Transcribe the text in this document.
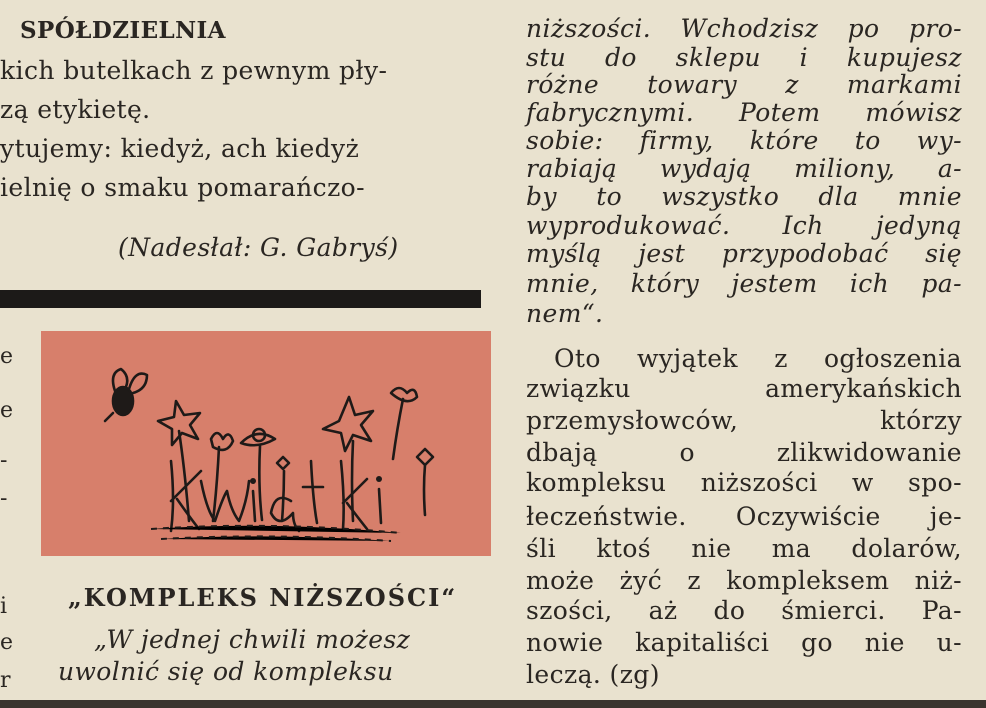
SPÓŁDZIELNIA
kich butelkach z pewnym pły-
zą etykietę.
ytujemy: kiedyż, ach kiedyż
ielnię o smaku pomarańczo-
(Nadesłał: G. Gabryś)
e
e
-
-
i
e
r
„KOMPLEKS NIŻSZOŚCI“
„W jednej chwili możesz
uwolnić się od kompleksu
niższości. Wchodzisz po pro-
stu do sklepu i kupujesz
różne towary z markami
fabrycznymi. Potem mówisz
sobie: firmy, które to wy-
rabiają wydają miliony, a-
by to wszystko dla mnie
wyprodukować. Ich jedyną
myślą jest przypodobać się
mnie, który jestem ich pa-
nem“.
Oto wyjątek z ogłoszenia
związku	amerykańskich
przemysłowców,	którzy
dbają	o	zlikwidowanie
kompleksu niższości w spo-
łeczeństwie. Oczywiście je-
śli ktoś nie ma dolarów,
może żyć z kompleksem niż-
szości, aż do śmierci. Pa-
nowie kapitaliści go nie u-
leczą. (zg)
